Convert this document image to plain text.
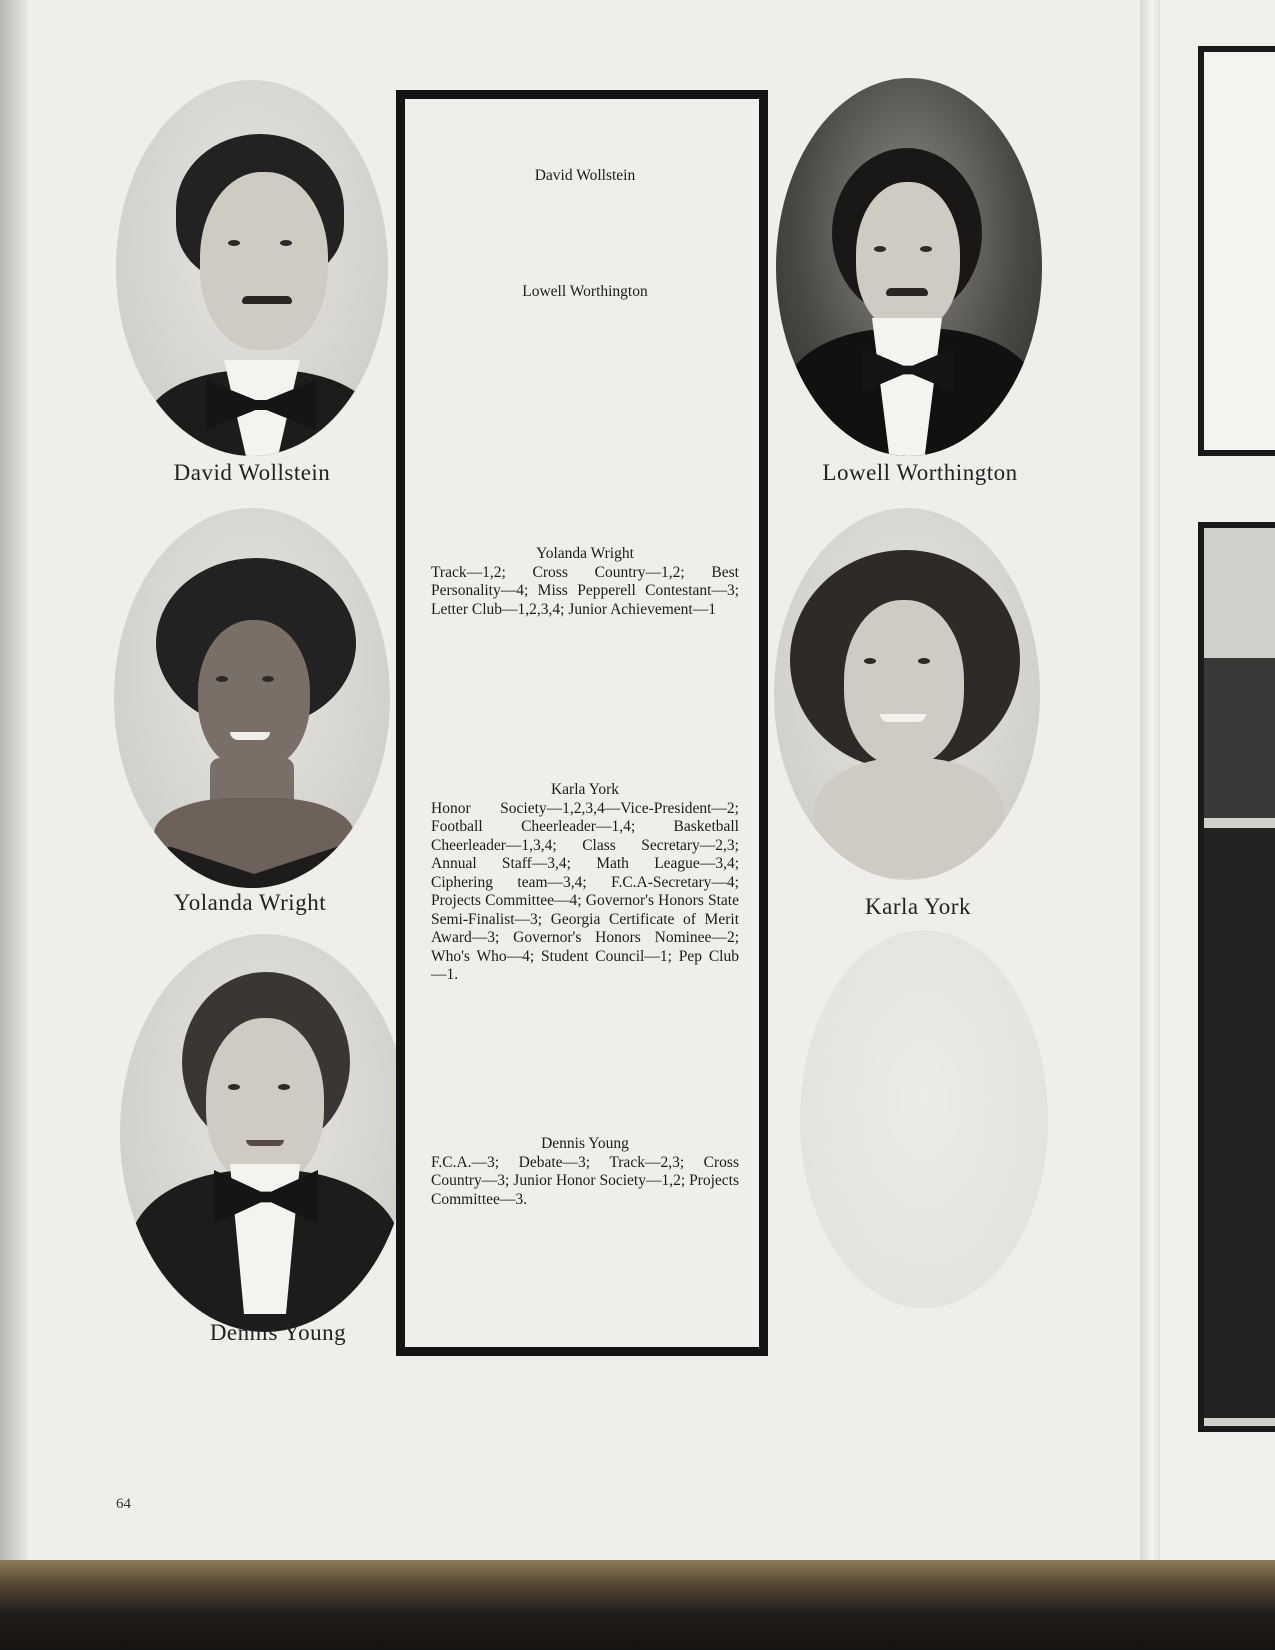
David Wollstein
Yolanda Wright
Dennis Young
Lowell Worthington
Karla York
64
David Wollstein
Lowell Worthington
Yolanda Wright
Track—1,2; Cross Country—1,2; Best Personality—4; Miss Pepperell Contestant—3; Letter Club—1,2,3,4; Junior Achievement—1
Karla York
Honor Society—1,2,3,4—Vice-President—2; Football Cheerleader—1,4; Basketball Cheerleader—1,3,4; Class Secretary—2,3; Annual Staff—3,4; Math League—3,4; Ciphering team—3,4; F.C.A-Secretary—4; Projects Committee—4; Governor's Honors State Semi-Finalist—3; Georgia Certificate of Merit Award—3; Governor's Honors Nominee—2; Who's Who—4; Student Council—1; Pep Club—1.
Dennis Young
F.C.A.—3; Debate—3; Track—2,3; Cross Country—3; Junior Honor Society—1,2; Projects Committee—3.
